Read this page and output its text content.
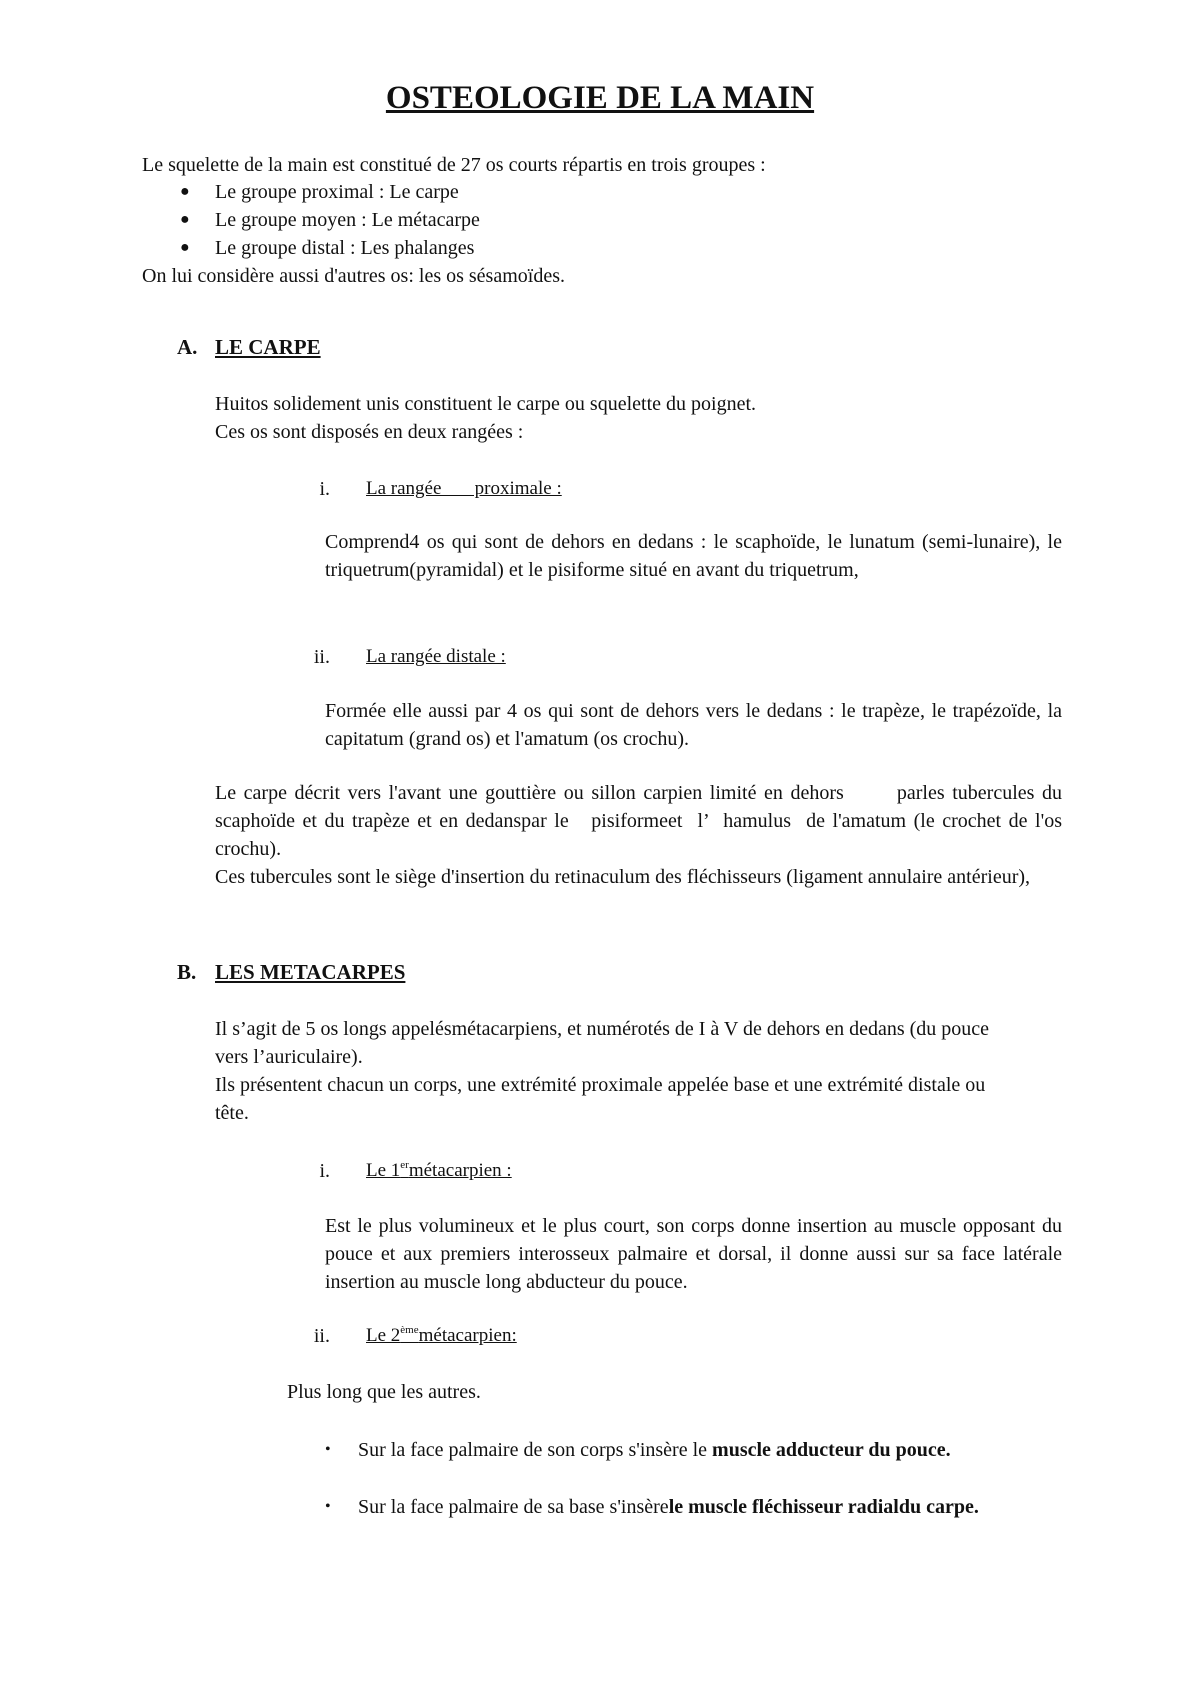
OSTEOLOGIE DE LA MAIN
Le squelette de la main est constitué de 27 os courts répartis en trois groupes :
● Le groupe proximal : Le carpe
● Le groupe moyen : Le métacarpe
● Le groupe distal : Les phalanges
On lui considère aussi d'autres os: les os sésamoïdes.
A. LE CARPE
Huitos solidement unis constituent le carpe ou squelette du poignet.
Ces os sont disposés en deux rangées :
i. La rangée       proximale :
Comprend4 os qui sont de dehors en dedans : le scaphoïde, le lunatum (semi-lunaire), le triquetrum(pyramidal) et le pisiforme situé en avant du triquetrum,
ii. La rangée distale :
Formée elle aussi par 4 os qui sont de dehors vers le dedans : le trapèze, le trapézoïde, la capitatum (grand os) et l'amatum (os crochu).
Le carpe décrit vers l'avant une gouttière ou sillon carpien limité en dehors       parles tubercules du scaphoïde et du trapèze et en dedanspar le   pisiformeet  l’  hamulus  de l'amatum (le crochet de l'os crochu).
Ces tubercules sont le siège d'insertion du retinaculum des fléchisseurs (ligament annulaire antérieur),
B. LES METACARPES
Il s’agit de 5 os longs appelésmétacarpiens, et numérotés de I à V de dehors en dedans (du pouce vers l’auriculaire).
Ils présentent chacun un corps, une extrémité proximale appelée base et une extrémité distale ou tête.
i. Le 1ermétacarpien :
Est le plus volumineux et le plus court, son corps donne insertion au muscle opposant du pouce et aux premiers interosseux palmaire et dorsal, il donne aussi sur sa face latérale insertion au muscle long abducteur du pouce.
ii. Le 2èmemétacarpien:
Plus long que les autres.
• Sur la face palmaire de son corps s'insère le muscle adducteur du pouce.
• Sur la face palmaire de sa base s'insèrele muscle fléchisseur radialdu carpe.
